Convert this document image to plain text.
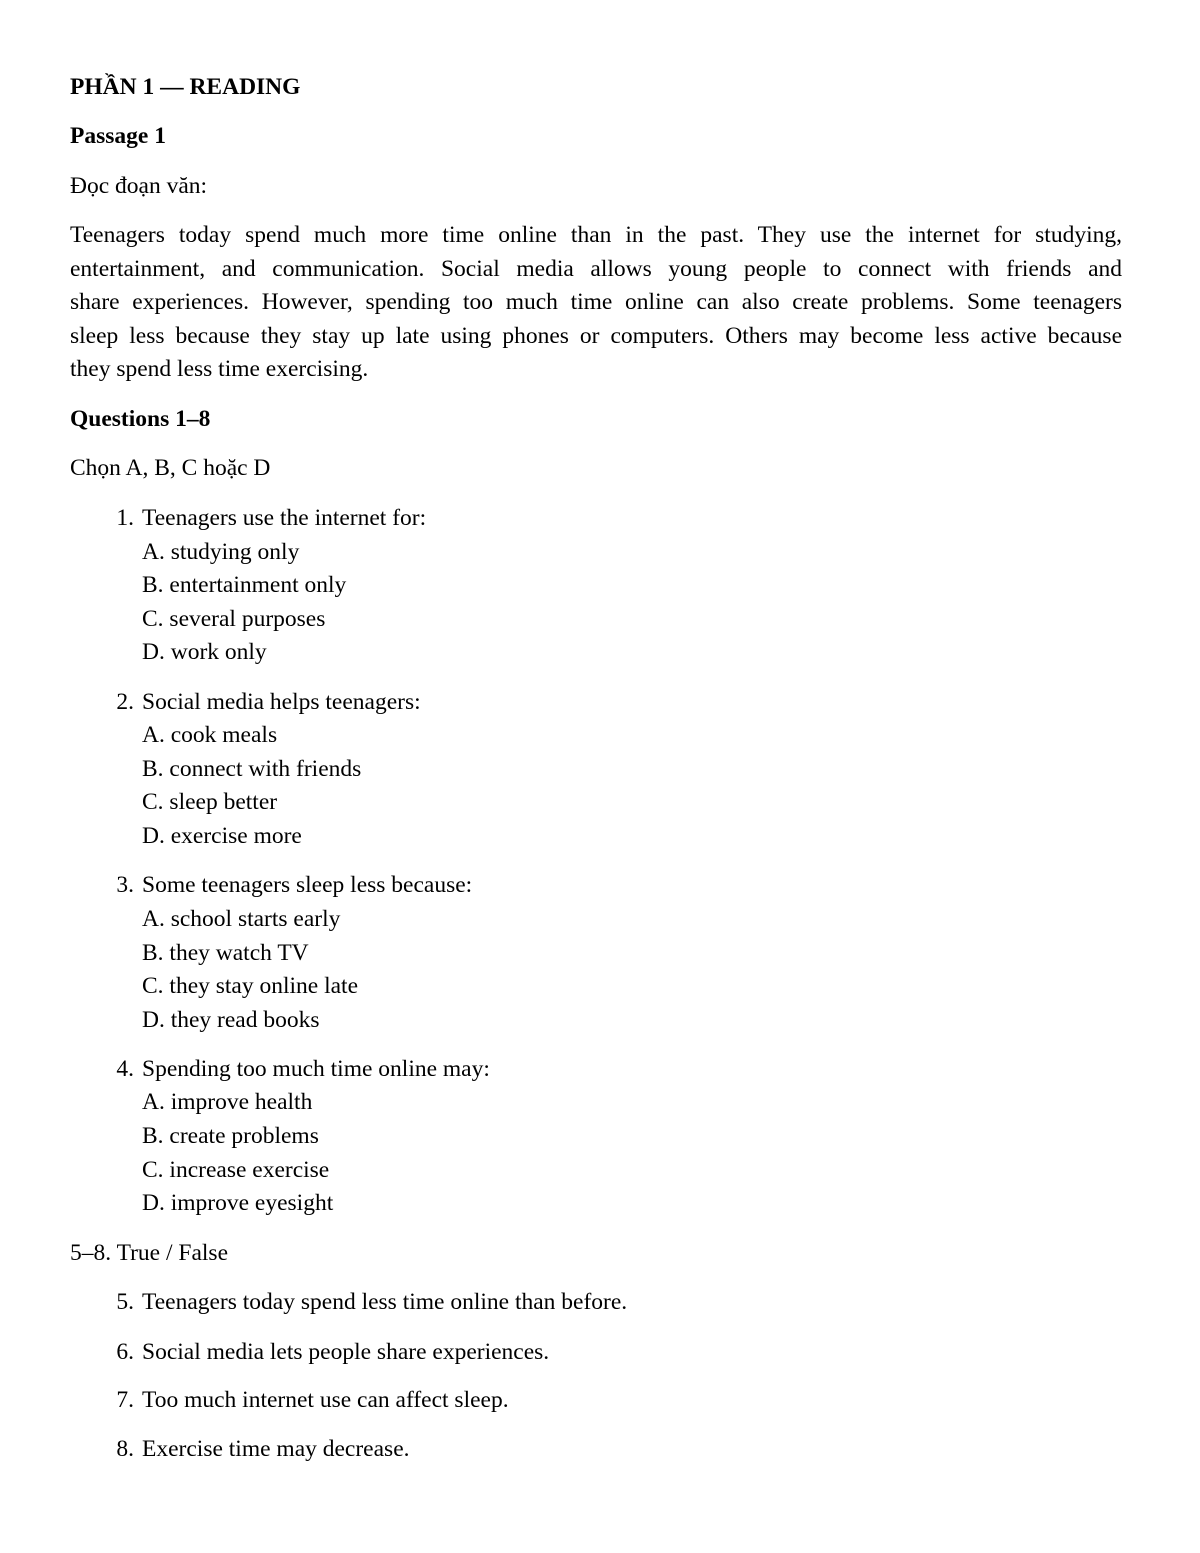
PHẦN 1 — READING
Passage 1
Đọc đoạn văn:
Teenagers today spend much more time online than in the past. They use the internet for studying,
entertainment, and communication. Social media allows young people to connect with friends and
share experiences. However, spending too much time online can also create problems. Some teenagers
sleep less because they stay up late using phones or computers. Others may become less active because
they spend less time exercising.
Questions 1–8
Chọn A, B, C hoặc D
1. Teenagers use the internet for:
A. studying only
B. entertainment only
C. several purposes
D. work only
2. Social media helps teenagers:
A. cook meals
B. connect with friends
C. sleep better
D. exercise more
3. Some teenagers sleep less because:
A. school starts early
B. they watch TV
C. they stay online late
D. they read books
4. Spending too much time online may:
A. improve health
B. create problems
C. increase exercise
D. improve eyesight
5–8. True / False
5. Teenagers today spend less time online than before.
6. Social media lets people share experiences.
7. Too much internet use can affect sleep.
8. Exercise time may decrease.
